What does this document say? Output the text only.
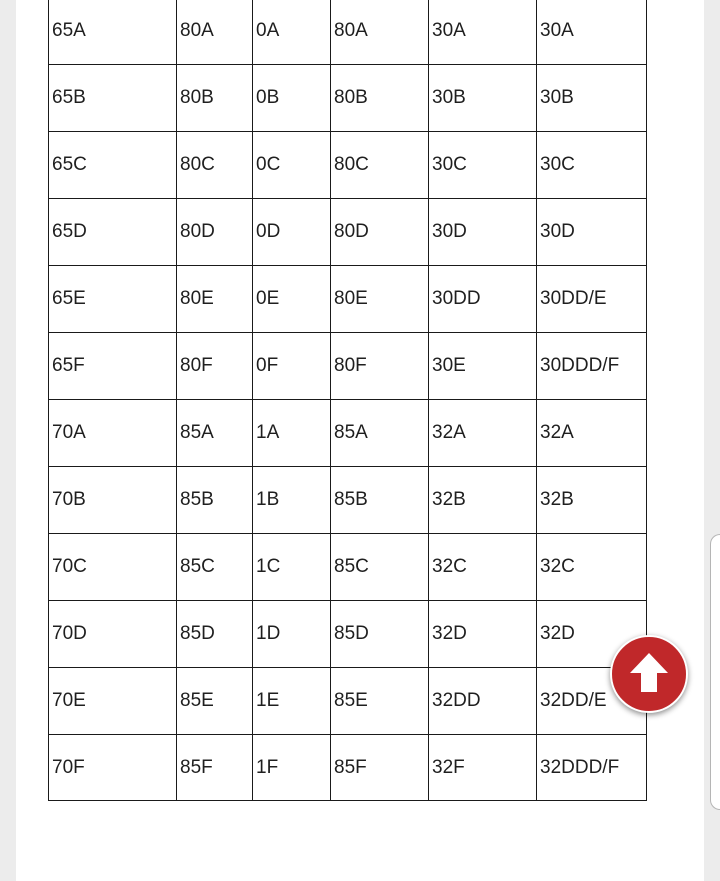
65A	80A	0A	80A	30A	30A
65B	80B	0B	80B	30B	30B
65C	80C	0C	80C	30C	30C
65D	80D	0D	80D	30D	30D
65E	80E	0E	80E	30DD	30DD/E
65F	80F	0F	80F	30E	30DDD/F
70A	85A	1A	85A	32A	32A
70B	85B	1B	85B	32B	32B
70C	85C	1C	85C	32C	32C
70D	85D	1D	85D	32D	32D
70E	85E	1E	85E	32DD	32DD/E
70F	85F	1F	85F	32F	32DDD/F
